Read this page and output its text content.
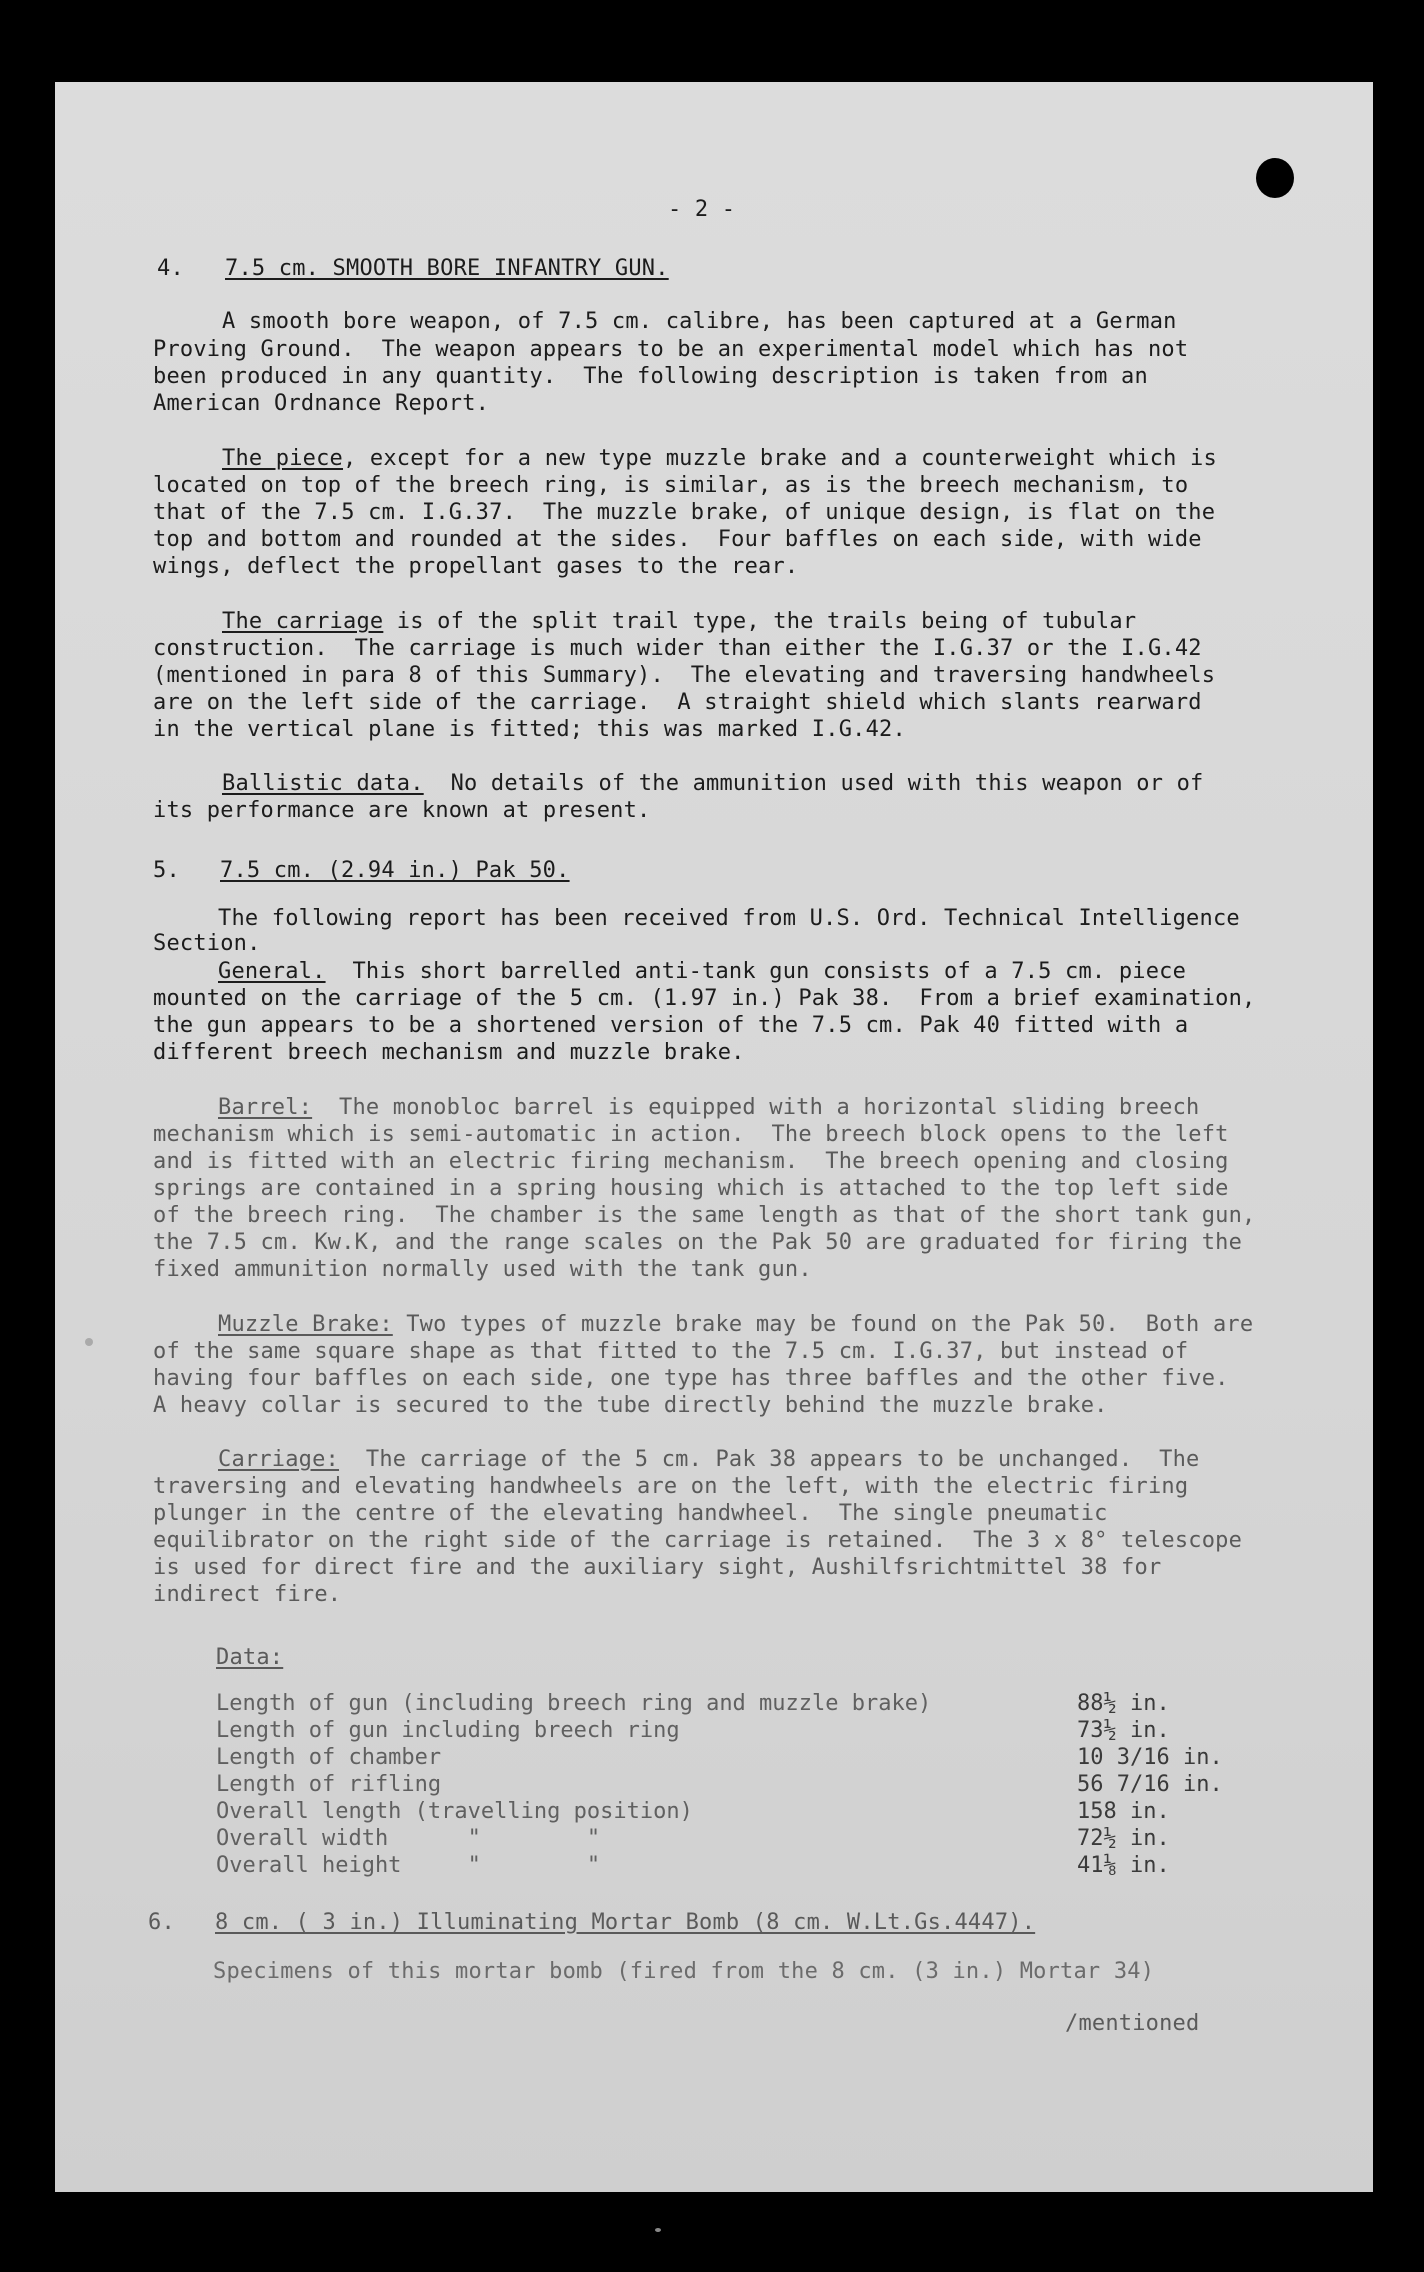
- 2 -
4. 7.5 cm. SMOOTH BORE INFANTRY GUN.
A smooth bore weapon, of 7.5 cm. calibre, has been captured at a German
Proving Ground.  The weapon appears to be an experimental model which has not
been produced in any quantity.  The following description is taken from an
American Ordnance Report.
The piece, except for a new type muzzle brake and a counterweight which is
located on top of the breech ring, is similar, as is the breech mechanism, to
that of the 7.5 cm. I.G.37.  The muzzle brake, of unique design, is flat on the
top and bottom and rounded at the sides.  Four baffles on each side, with wide
wings, deflect the propellant gases to the rear.
The carriage is of the split trail type, the trails being of tubular
construction.  The carriage is much wider than either the I.G.37 or the I.G.42
(mentioned in para 8 of this Summary).  The elevating and traversing handwheels
are on the left side of the carriage.  A straight shield which slants rearward
in the vertical plane is fitted; this was marked I.G.42.
Ballistic data.  No details of the ammunition used with this weapon or of
its performance are known at present.
5. 7.5 cm. (2.94 in.) Pak 50.
The following report has been received from U.S. Ord. Technical Intelligence
Section.
General.  This short barrelled anti-tank gun consists of a 7.5 cm. piece
mounted on the carriage of the 5 cm. (1.97 in.) Pak 38.  From a brief examination,
the gun appears to be a shortened version of the 7.5 cm. Pak 40 fitted with a
different breech mechanism and muzzle brake.
Barrel:  The monobloc barrel is equipped with a horizontal sliding breech
mechanism which is semi-automatic in action.  The breech block opens to the left
and is fitted with an electric firing mechanism.  The breech opening and closing
springs are contained in a spring housing which is attached to the top left side
of the breech ring.  The chamber is the same length as that of the short tank gun,
the 7.5 cm. Kw.K, and the range scales on the Pak 50 are graduated for firing the
fixed ammunition normally used with the tank gun.
Muzzle Brake: Two types of muzzle brake may be found on the Pak 50.  Both are
of the same square shape as that fitted to the 7.5 cm. I.G.37, but instead of
having four baffles on each side, one type has three baffles and the other five.
A heavy collar is secured to the tube directly behind the muzzle brake.
Carriage:  The carriage of the 5 cm. Pak 38 appears to be unchanged.  The
traversing and elevating handwheels are on the left, with the electric firing
plunger in the centre of the elevating handwheel.  The single pneumatic
equilibrator on the right side of the carriage is retained.  The 3 x 8° telescope
is used for direct fire and the auxiliary sight, Aushilfsrichtmittel 38 for
indirect fire.
Data:
Length of gun (including breech ring and muzzle brake)	88½ in.
Length of gun including breech ring	73½ in.
Length of chamber	10 3/16 in.
Length of rifling	56 7/16 in.
Overall length (travelling position)	158 in.
Overall width      "        "	72½ in.
Overall height     "        "	41⅛ in.
6. 8 cm. ( 3 in.) Illuminating Mortar Bomb (8 cm. W.Lt.Gs.4447).
Specimens of this mortar bomb (fired from the 8 cm. (3 in.) Mortar 34)
/mentioned
